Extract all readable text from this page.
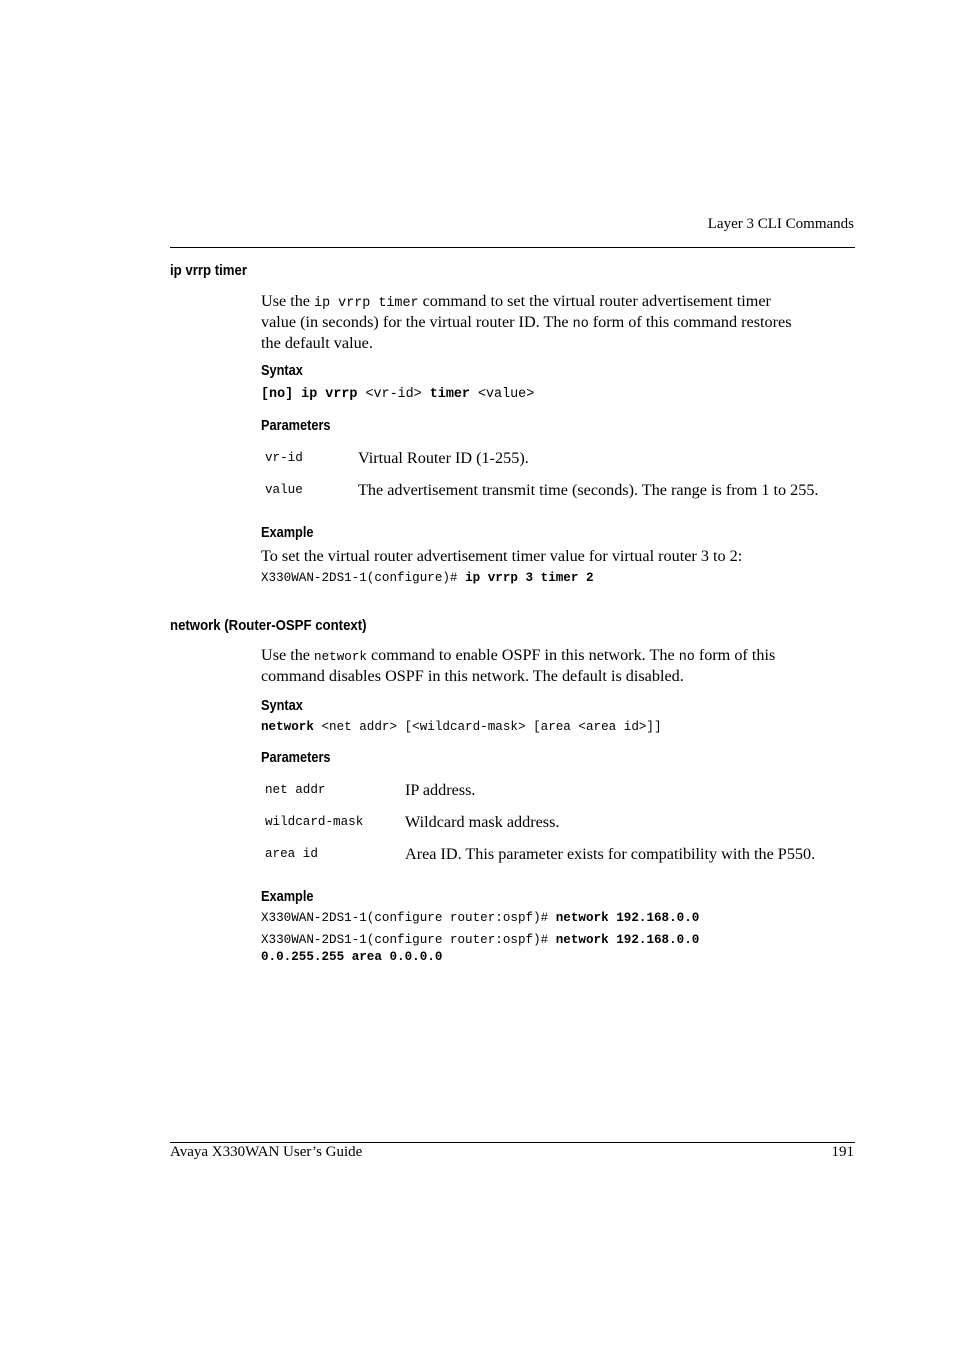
Layer 3 CLI Commands
ip vrrp timer
Use the ip vrrp timer command to set the virtual router advertisement timer
value (in seconds) for the virtual router ID. The no form of this command restores
the default value.
Syntax
[no] ip vrrp <vr-id> timer <value>
Parameters
vr-id	Virtual Router ID (1-255).
value	The advertisement transmit time (seconds). The range is from 1 to 255.
Example
To set the virtual router advertisement timer value for virtual router 3 to 2:
X330WAN-2DS1-1(configure)# ip vrrp 3 timer 2
network (Router-OSPF context)
Use the network command to enable OSPF in this network. The no form of this
command disables OSPF in this network. The default is disabled.
Syntax
network <net addr> [<wildcard-mask> [area <area id>]]
Parameters
net addr	IP address.
wildcard-mask	Wildcard mask address.
area id	Area ID. This parameter exists for compatibility with the P550.
Example
X330WAN-2DS1-1(configure router:ospf)# network 192.168.0.0
X330WAN-2DS1-1(configure router:ospf)# network 192.168.0.0
0.0.255.255 area 0.0.0.0
Avaya X330WAN User’s Guide	191
